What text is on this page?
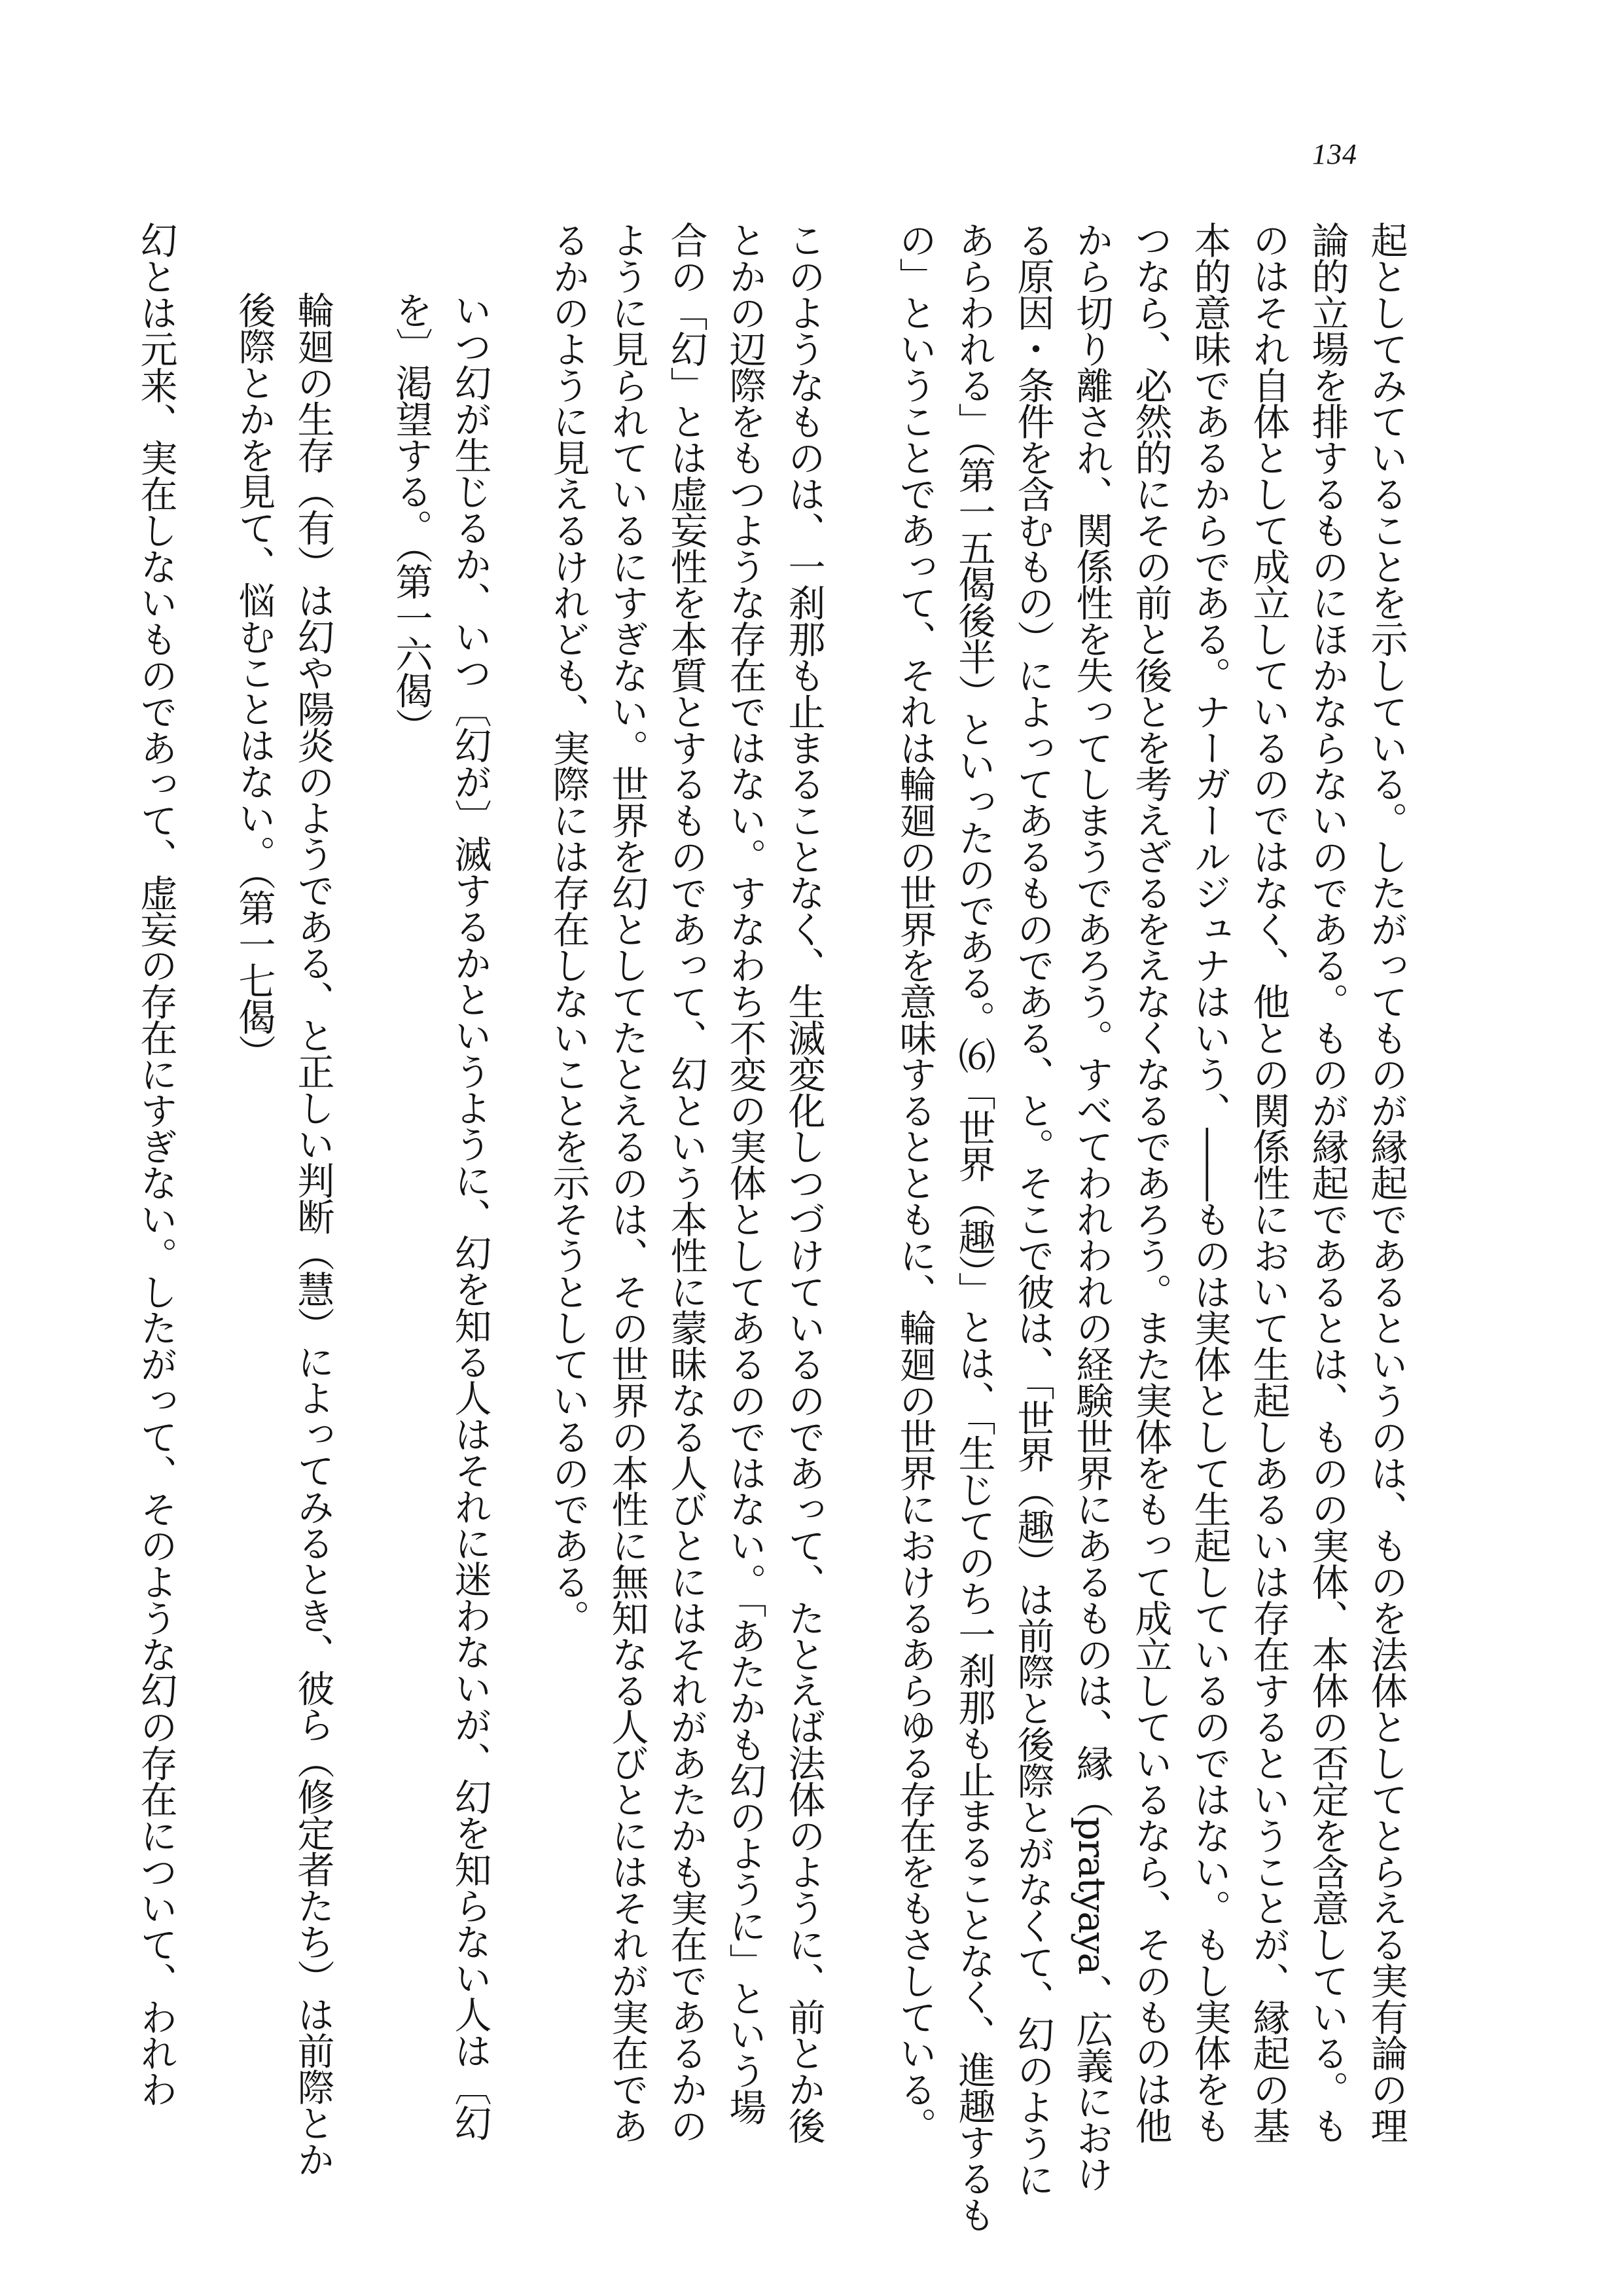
134
起としてみていることを示している。したがってものが縁起であるというのは、ものを法体としてとらえる実有論の理
論的立場を排するものにほかならないのである。ものが縁起であるとは、ものの実体、本体の否定を含意している。も
のはそれ自体として成立しているのではなく、他との関係性において生起しあるいは存在するということが、縁起の基
本的意味であるからである。ナーガールジュナはいう、――ものは実体として生起しているのではない。もし実体をも
つなら、必然的にその前と後とを考えざるをえなくなるであろう。また実体をもって成立しているなら、そのものは他
から切り離され、関係性を失ってしまうであろう。すべてわれわれの経験世界にあるものは、縁（pratyaya、広義におけ
る原因・条件を含むもの）によってあるものである、と。そこで彼は、「世界（趣）は前際と後際とがなくて、幻のように
あらわれる」（第一五偈後半）といったのである。⑹「世界（趣）」とは、「生じてのち一刹那も止まることなく、進趣するも
の」ということであって、それは輪廻の世界を意味するとともに、輪廻の世界におけるあらゆる存在をもさしている。
このようなものは、一刹那も止まることなく、生滅変化しつづけているのであって、たとえば法体のように、前とか後
とかの辺際をもつような存在ではない。すなわち不変の実体としてあるのではない。「あたかも幻のように」という場
合の「幻」とは虚妄性を本質とするものであって、幻という本性に蒙昧なる人びとにはそれがあたかも実在であるかの
ように見られているにすぎない。世界を幻としてたとえるのは、その世界の本性に無知なる人びとにはそれが実在であ
るかのように見えるけれども、実際には存在しないことを示そうとしているのである。
いつ幻が生じるか、いつ〔幻が〕滅するかというように、幻を知る人はそれに迷わないが、幻を知らない人は〔幻
を〕渇望する。（第一六偈）
輪廻の生存（有）は幻や陽炎のようである、と正しい判断（慧）によってみるとき、彼ら（修定者たち）は前際とか
後際とかを見て、悩むことはない。（第一七偈）
幻とは元来、実在しないものであって、虚妄の存在にすぎない。したがって、そのような幻の存在について、われわ
